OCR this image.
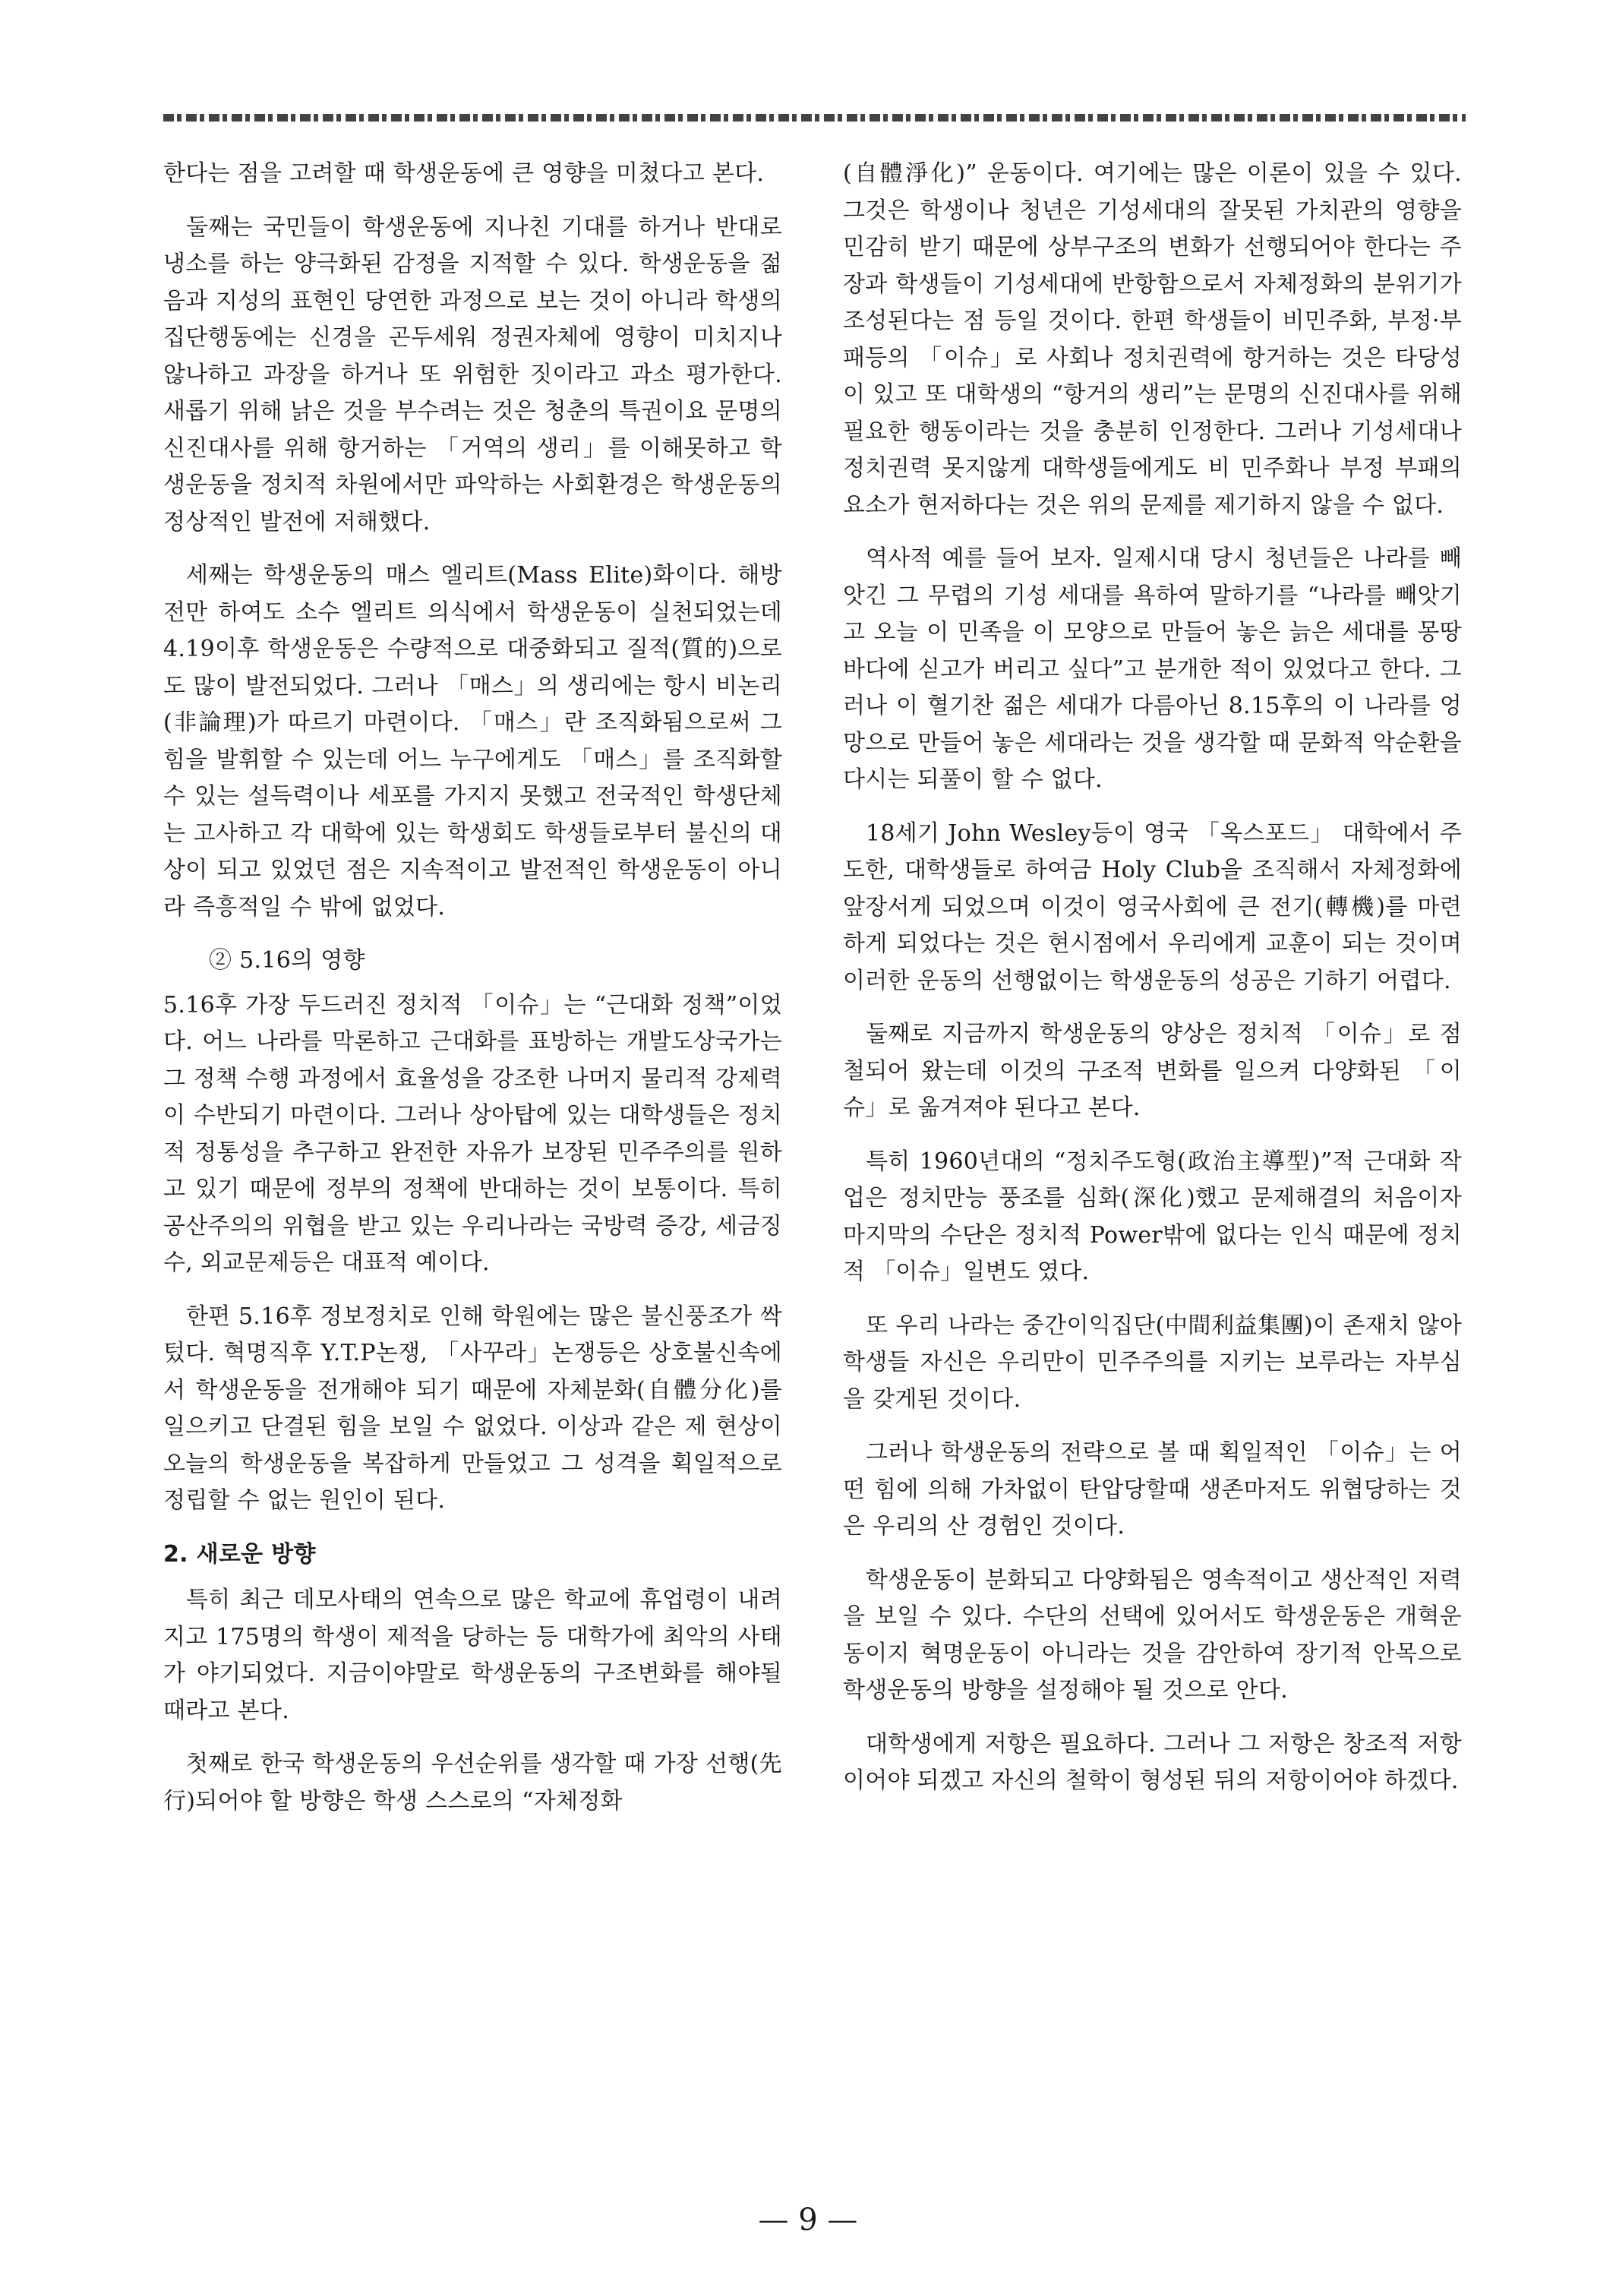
한다는 점을 고려할 때 학생운동에 큰 영향을 미쳤다고 본다.

둘째는 국민들이 학생운동에 지나친 기대를 하거나 반대로 냉소를 하는 양극화된 감정을 지적할 수 있다. 학생운동을 젊음과 지성의 표현인 당연한 과정으로 보는 것이 아니라 학생의 집단행동에는 신경을 곤두세워 정권자체에 영향이 미치지나 않나하고 과장을 하거나 또 위험한 짓이라고 과소 평가한다. 새롭기 위해 낡은 것을 부수려는 것은 청춘의 특권이요 문명의 신진대사를 위해 항거하는 「거역의 생리」를 이해못하고 학생운동을 정치적 차원에서만 파악하는 사회환경은 학생운동의 정상적인 발전에 저해했다.

세째는 학생운동의 매스 엘리트(Mass Elite)화이다. 해방전만 하여도 소수 엘리트 의식에서 학생운동이 실천되었는데 4.19이후 학생운동은 수량적으로 대중화되고 질적(質的)으로도 많이 발전되었다. 그러나 「매스」의 생리에는 항시 비논리(非論理)가 따르기 마련이다. 「매스」란 조직화됨으로써 그 힘을 발휘할 수 있는데 어느 누구에게도 「매스」를 조직화할 수 있는 설득력이나 세포를 가지지 못했고 전국적인 학생단체는 고사하고 각 대학에 있는 학생회도 학생들로부터 불신의 대상이 되고 있었던 점은 지속적이고 발전적인 학생운동이 아니라 즉흥적일 수 밖에 없었다.

② 5.16의 영향

5.16후 가장 두드러진 정치적 「이슈」는 “근대화 정책”이었다. 어느 나라를 막론하고 근대화를 표방하는 개발도상국가는 그 정책 수행 과정에서 효율성을 강조한 나머지 물리적 강제력이 수반되기 마련이다. 그러나 상아탑에 있는 대학생들은 정치적 정통성을 추구하고 완전한 자유가 보장된 민주주의를 원하고 있기 때문에 정부의 정책에 반대하는 것이 보통이다. 특히 공산주의의 위협을 받고 있는 우리나라는 국방력 증강, 세금징수, 외교문제등은 대표적 예이다.

한편 5.16후 정보정치로 인해 학원에는 많은 불신풍조가 싹텄다. 혁명직후 Y.T.P논쟁, 「사꾸라」논쟁등은 상호불신속에서 학생운동을 전개해야 되기 때문에 자체분화(自體分化)를 일으키고 단결된 힘을 보일 수 없었다. 이상과 같은 제 현상이 오늘의 학생운동을 복잡하게 만들었고 그 성격을 획일적으로 정립할 수 없는 원인이 된다.

2. 새로운 방향

특히 최근 데모사태의 연속으로 많은 학교에 휴업령이 내려지고 175명의 학생이 제적을 당하는 등 대학가에 최악의 사태가 야기되었다. 지금이야말로 학생운동의 구조변화를 해야될 때라고 본다.

첫째로 한국 학생운동의 우선순위를 생각할 때 가장 선행(先行)되어야 할 방향은 학생 스스로의 “자체정화

(自體淨化)” 운동이다. 여기에는 많은 이론이 있을 수 있다. 그것은 학생이나 청년은 기성세대의 잘못된 가치관의 영향을 민감히 받기 때문에 상부구조의 변화가 선행되어야 한다는 주장과 학생들이 기성세대에 반항함으로서 자체정화의 분위기가 조성된다는 점 등일 것이다. 한편 학생들이 비민주화, 부정·부패등의 「이슈」로 사회나 정치권력에 항거하는 것은 타당성이 있고 또 대학생의 “항거의 생리”는 문명의 신진대사를 위해 필요한 행동이라는 것을 충분히 인정한다. 그러나 기성세대나 정치권력 못지않게 대학생들에게도 비 민주화나 부정 부패의 요소가 현저하다는 것은 위의 문제를 제기하지 않을 수 없다.

역사적 예를 들어 보자. 일제시대 당시 청년들은 나라를 빼앗긴 그 무렵의 기성 세대를 욕하여 말하기를 “나라를 빼앗기고 오늘 이 민족을 이 모양으로 만들어 놓은 늙은 세대를 몽땅 바다에 싣고가 버리고 싶다”고 분개한 적이 있었다고 한다. 그러나 이 혈기찬 젊은 세대가 다름아닌 8.15후의 이 나라를 엉망으로 만들어 놓은 세대라는 것을 생각할 때 문화적 악순환을 다시는 되풀이 할 수 없다.

18세기 John Wesley등이 영국 「옥스포드」 대학에서 주도한, 대학생들로 하여금 Holy Club을 조직해서 자체정화에 앞장서게 되었으며 이것이 영국사회에 큰 전기(轉機)를 마련하게 되었다는 것은 현시점에서 우리에게 교훈이 되는 것이며 이러한 운동의 선행없이는 학생운동의 성공은 기하기 어렵다.

둘째로 지금까지 학생운동의 양상은 정치적 「이슈」로 점철되어 왔는데 이것의 구조적 변화를 일으켜 다양화된 「이슈」로 옮겨져야 된다고 본다.

특히 1960년대의 “정치주도형(政治主導型)”적 근대화 작업은 정치만능 풍조를 심화(深化)했고 문제해결의 처음이자 마지막의 수단은 정치적 Power밖에 없다는 인식 때문에 정치적 「이슈」일변도 였다.

또 우리 나라는 중간이익집단(中間利益集團)이 존재치 않아 학생들 자신은 우리만이 민주주의를 지키는 보루라는 자부심을 갖게된 것이다.

그러나 학생운동의 전략으로 볼 때 획일적인 「이슈」는 어떤 힘에 의해 가차없이 탄압당할때 생존마저도 위협당하는 것은 우리의 산 경험인 것이다.

학생운동이 분화되고 다양화됨은 영속적이고 생산적인 저력을 보일 수 있다. 수단의 선택에 있어서도 학생운동은 개혁운동이지 혁명운동이 아니라는 것을 감안하여 장기적 안목으로 학생운동의 방향을 설정해야 될 것으로 안다.

대학생에게 저항은 필요하다. 그러나 그 저항은 창조적 저항이어야 되겠고 자신의 철학이 형성된 뒤의 저항이어야 하겠다.

— 9 —
